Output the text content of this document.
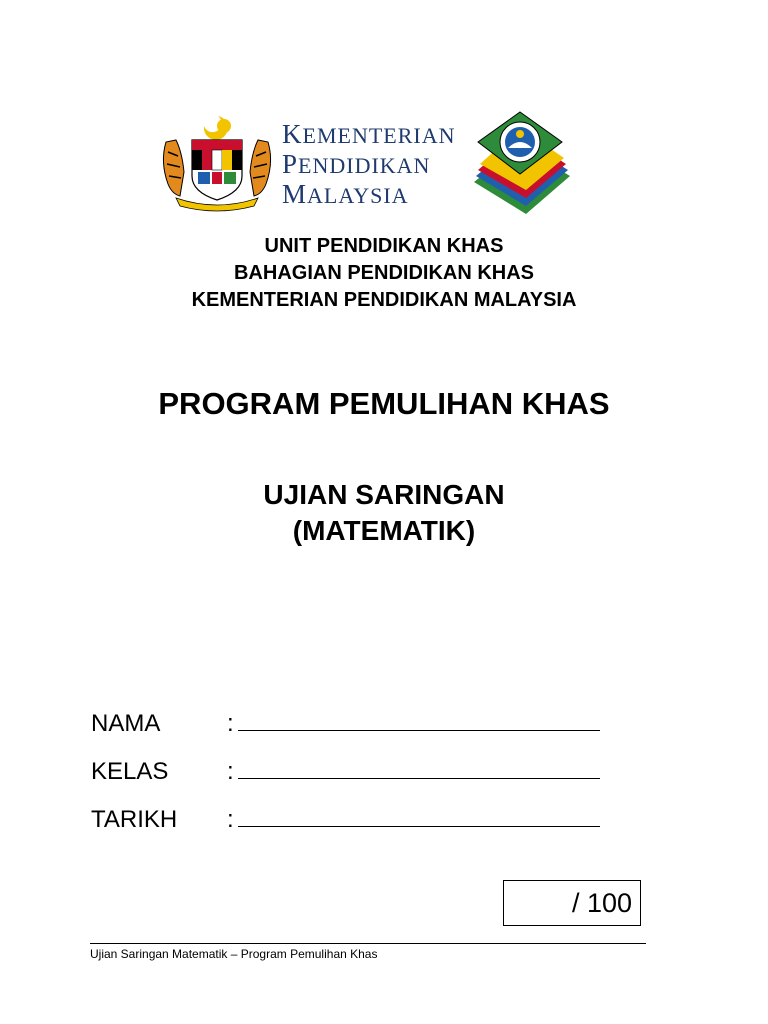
KEMENTERIAN
PENDIDIKAN
MALAYSIA
UNIT PENDIDIKAN KHAS
BAHAGIAN PENDIDIKAN KHAS
KEMENTERIAN PENDIDIKAN MALAYSIA
PROGRAM PEMULIHAN KHAS
UJIAN SARINGAN
(MATEMATIK)
NAMA	:
KELAS :
TARIKH :
/ 100
Ujian Saringan Matematik – Program Pemulihan Khas
